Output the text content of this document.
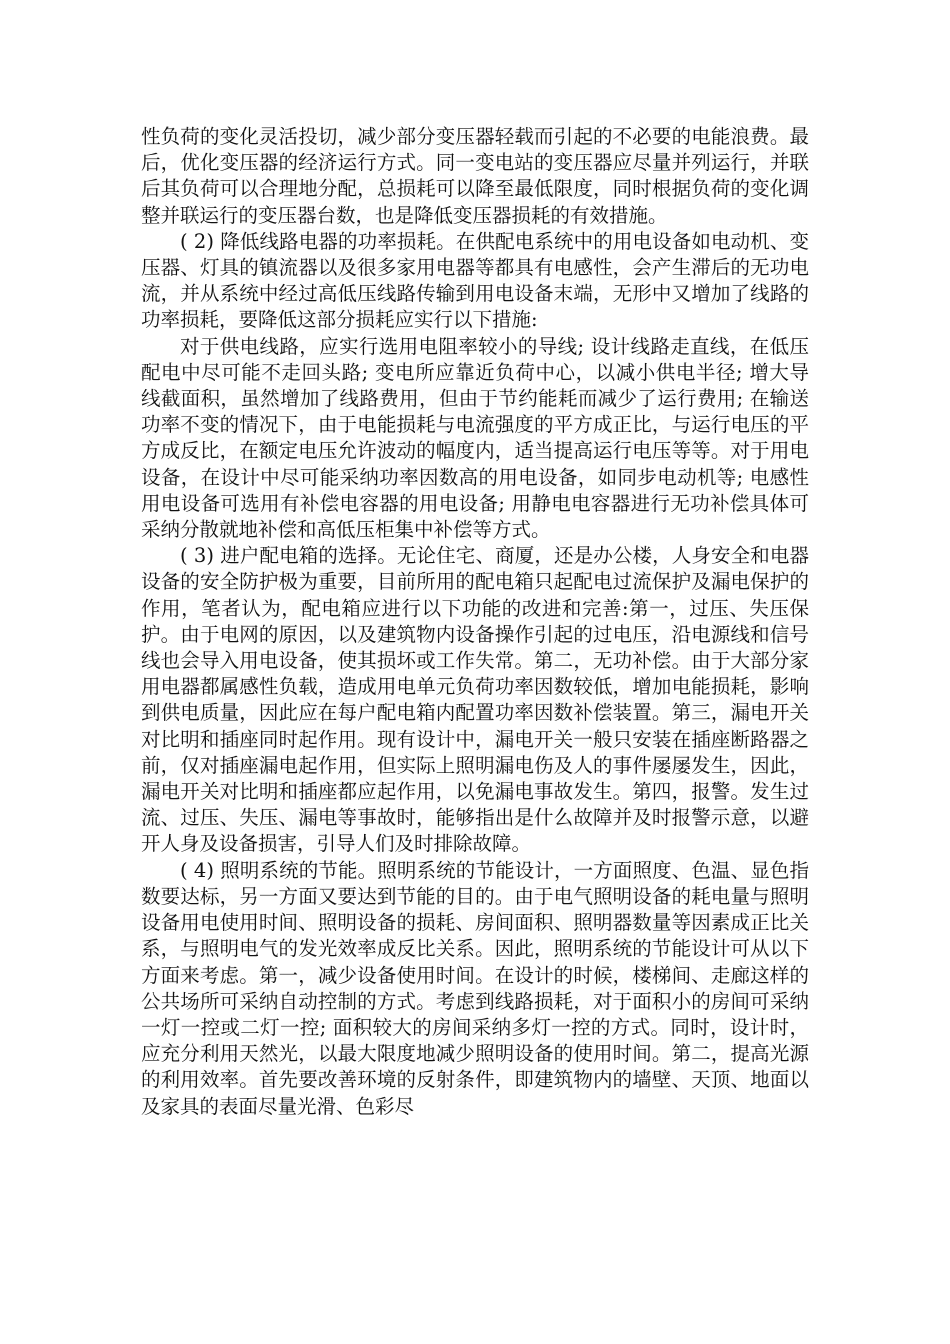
性负荷的变化灵活投切，减少部分变压器轻载而引起的不必要的电能浪费。最后，优化变压器的经济运行方式。同一变电站的变压器应尽量并列运行，并联后其负荷可以合理地分配，总损耗可以降至最低限度，同时根据负荷的变化调整并联运行的变压器台数，也是降低变压器损耗的有效措施。

( 2) 降低线路电器的功率损耗。在供配电系统中的用电设备如电动机、变压器、灯具的镇流器以及很多家用电器等都具有电感性，会产生滞后的无功电流，并从系统中经过高低压线路传输到用电设备末端，无形中又增加了线路的功率损耗，要降低这部分损耗应实行以下措施:

对于供电线路，应实行选用电阻率较小的导线; 设计线路走直线，在低压配电中尽可能不走回头路; 变电所应靠近负荷中心，以减小供电半径; 增大导线截面积，虽然增加了线路费用，但由于节约能耗而减少了运行费用; 在输送功率不变的情况下，由于电能损耗与电流强度的平方成正比，与运行电压的平方成反比，在额定电压允许波动的幅度内，适当提高运行电压等等。对于用电设备，在设计中尽可能采纳功率因数高的用电设备，如同步电动机等; 电感性用电设备可选用有补偿电容器的用电设备; 用静电电容器进行无功补偿具体可采纳分散就地补偿和高低压柜集中补偿等方式。

( 3) 进户配电箱的选择。无论住宅、商厦，还是办公楼，人身安全和电器设备的安全防护极为重要，目前所用的配电箱只起配电过流保护及漏电保护的作用，笔者认为，配电箱应进行以下功能的改进和完善:第一，过压、失压保护。由于电网的原因，以及建筑物内设备操作引起的过电压，沿电源线和信号线也会导入用电设备，使其损坏或工作失常。第二，无功补偿。由于大部分家用电器都属感性负载，造成用电单元负荷功率因数较低，增加电能损耗，影响到供电质量，因此应在每户配电箱内配置功率因数补偿装置。第三，漏电开关对比明和插座同时起作用。现有设计中，漏电开关一般只安装在插座断路器之前，仅对插座漏电起作用，但实际上照明漏电伤及人的事件屡屡发生，因此，漏电开关对比明和插座都应起作用，以免漏电事故发生。第四，报警。发生过流、过压、失压、漏电等事故时，能够指出是什么故障并及时报警示意，以避开人身及设备损害，引导人们及时排除故障。

( 4) 照明系统的节能。照明系统的节能设计，一方面照度、色温、显色指数要达标，另一方面又要达到节能的目的。由于电气照明设备的耗电量与照明设备用电使用时间、照明设备的损耗、房间面积、照明器数量等因素成正比关系，与照明电气的发光效率成反比关系。因此，照明系统的节能设计可从以下方面来考虑。第一，减少设备使用时间。在设计的时候，楼梯间、走廊这样的公共场所可采纳自动控制的方式。考虑到线路损耗，对于面积小的房间可采纳一灯一控或二灯一控; 面积较大的房间采纳多灯一控的方式。同时，设计时，应充分利用天然光，以最大限度地减少照明设备的使用时间。第二，提高光源的利用效率。首先要改善环境的反射条件，即建筑物内的墙壁、天顶、地面以及家具的表面尽量光滑、色彩尽
